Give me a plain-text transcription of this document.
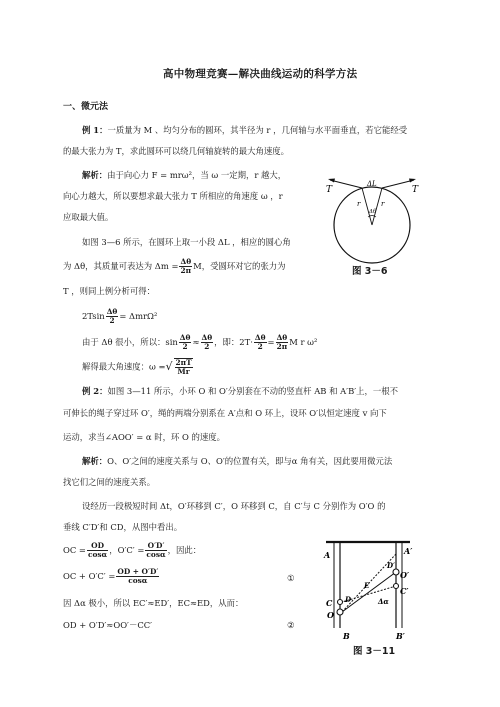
高中物理竞赛—解决曲线运动的科学方法
一、微元法
例 1：一质量为 M 、均匀分布的圆环，其半径为 r ，几何轴与水平面垂直，若它能经受
的最大张力为 T，求此圆环可以绕几何轴旋转的最大角速度。
解析：由于向心力 F = mrω²，当 ω 一定期，r 越大，
向心力越大，所以要想求最大张力 T 所相应的角速度 ω ，r
应取最大值。
如图 3—6 所示，在圆环上取一小段 ΔL ，相应的圆心角
为 Δθ，其质量可表达为 $\Delta m = \frac{\Delta\theta}{2\pi}$ M，受圆环对它的张力为
T ，则同上例分析可得：
$2Tsin \frac{\Delta\theta}{2} = \Delta mr\Omega^2$
由于 Δθ 很小，所以：$\sin \frac{\Delta\theta}{2} \approx \frac{\Delta\theta}{2}$ ，即：$2T\cdot \frac{\Delta\theta}{2} = \frac{\Delta\theta}{2\pi}$ M r ω²
解得最大角速度：ω =√ $\frac{2\pi T}{Mr}$
T	T
ΔL
r
Δθ
r
图 3－6
例 2：如图 3—11 所示，小环 O 和 O′分别套在不动的竖直杆 AB 和 A′B′上，一根不
可伸长的绳子穿过环 O′，绳的两端分别系在 A′点和 O 环上，设环 O′以恒定速度 v 向下
运动，求当∠AOO′ = α 时，环 O 的速度。
解析：O、O′之间的速度关系与 O、O′的位置有关，即与α 角有关，因此要用微元法
找它们之间的速度关系。
设经历一段极短时间 Δt，O′环移到 C′，O 环移到 C，自 C′与 C 分别作为 O′O 的
垂线 C′D′和 CD，从图中看出。
OC = $\frac{OD}{\cos\alpha}$ ，$O'C' = \frac{O'D'}{\cos\alpha}$ ，因此：
OC + $O'C' = \frac{OD + O'D'}{\cos\alpha}$	①
因 Δα 极小，所以 EC′≈ED′，EC≈ED，从而：
OD + O′D′≈OO′－CC′	②
A	A′
B	B′
O
O′
C
C′
D
D′
E
Δα
图 3－11
